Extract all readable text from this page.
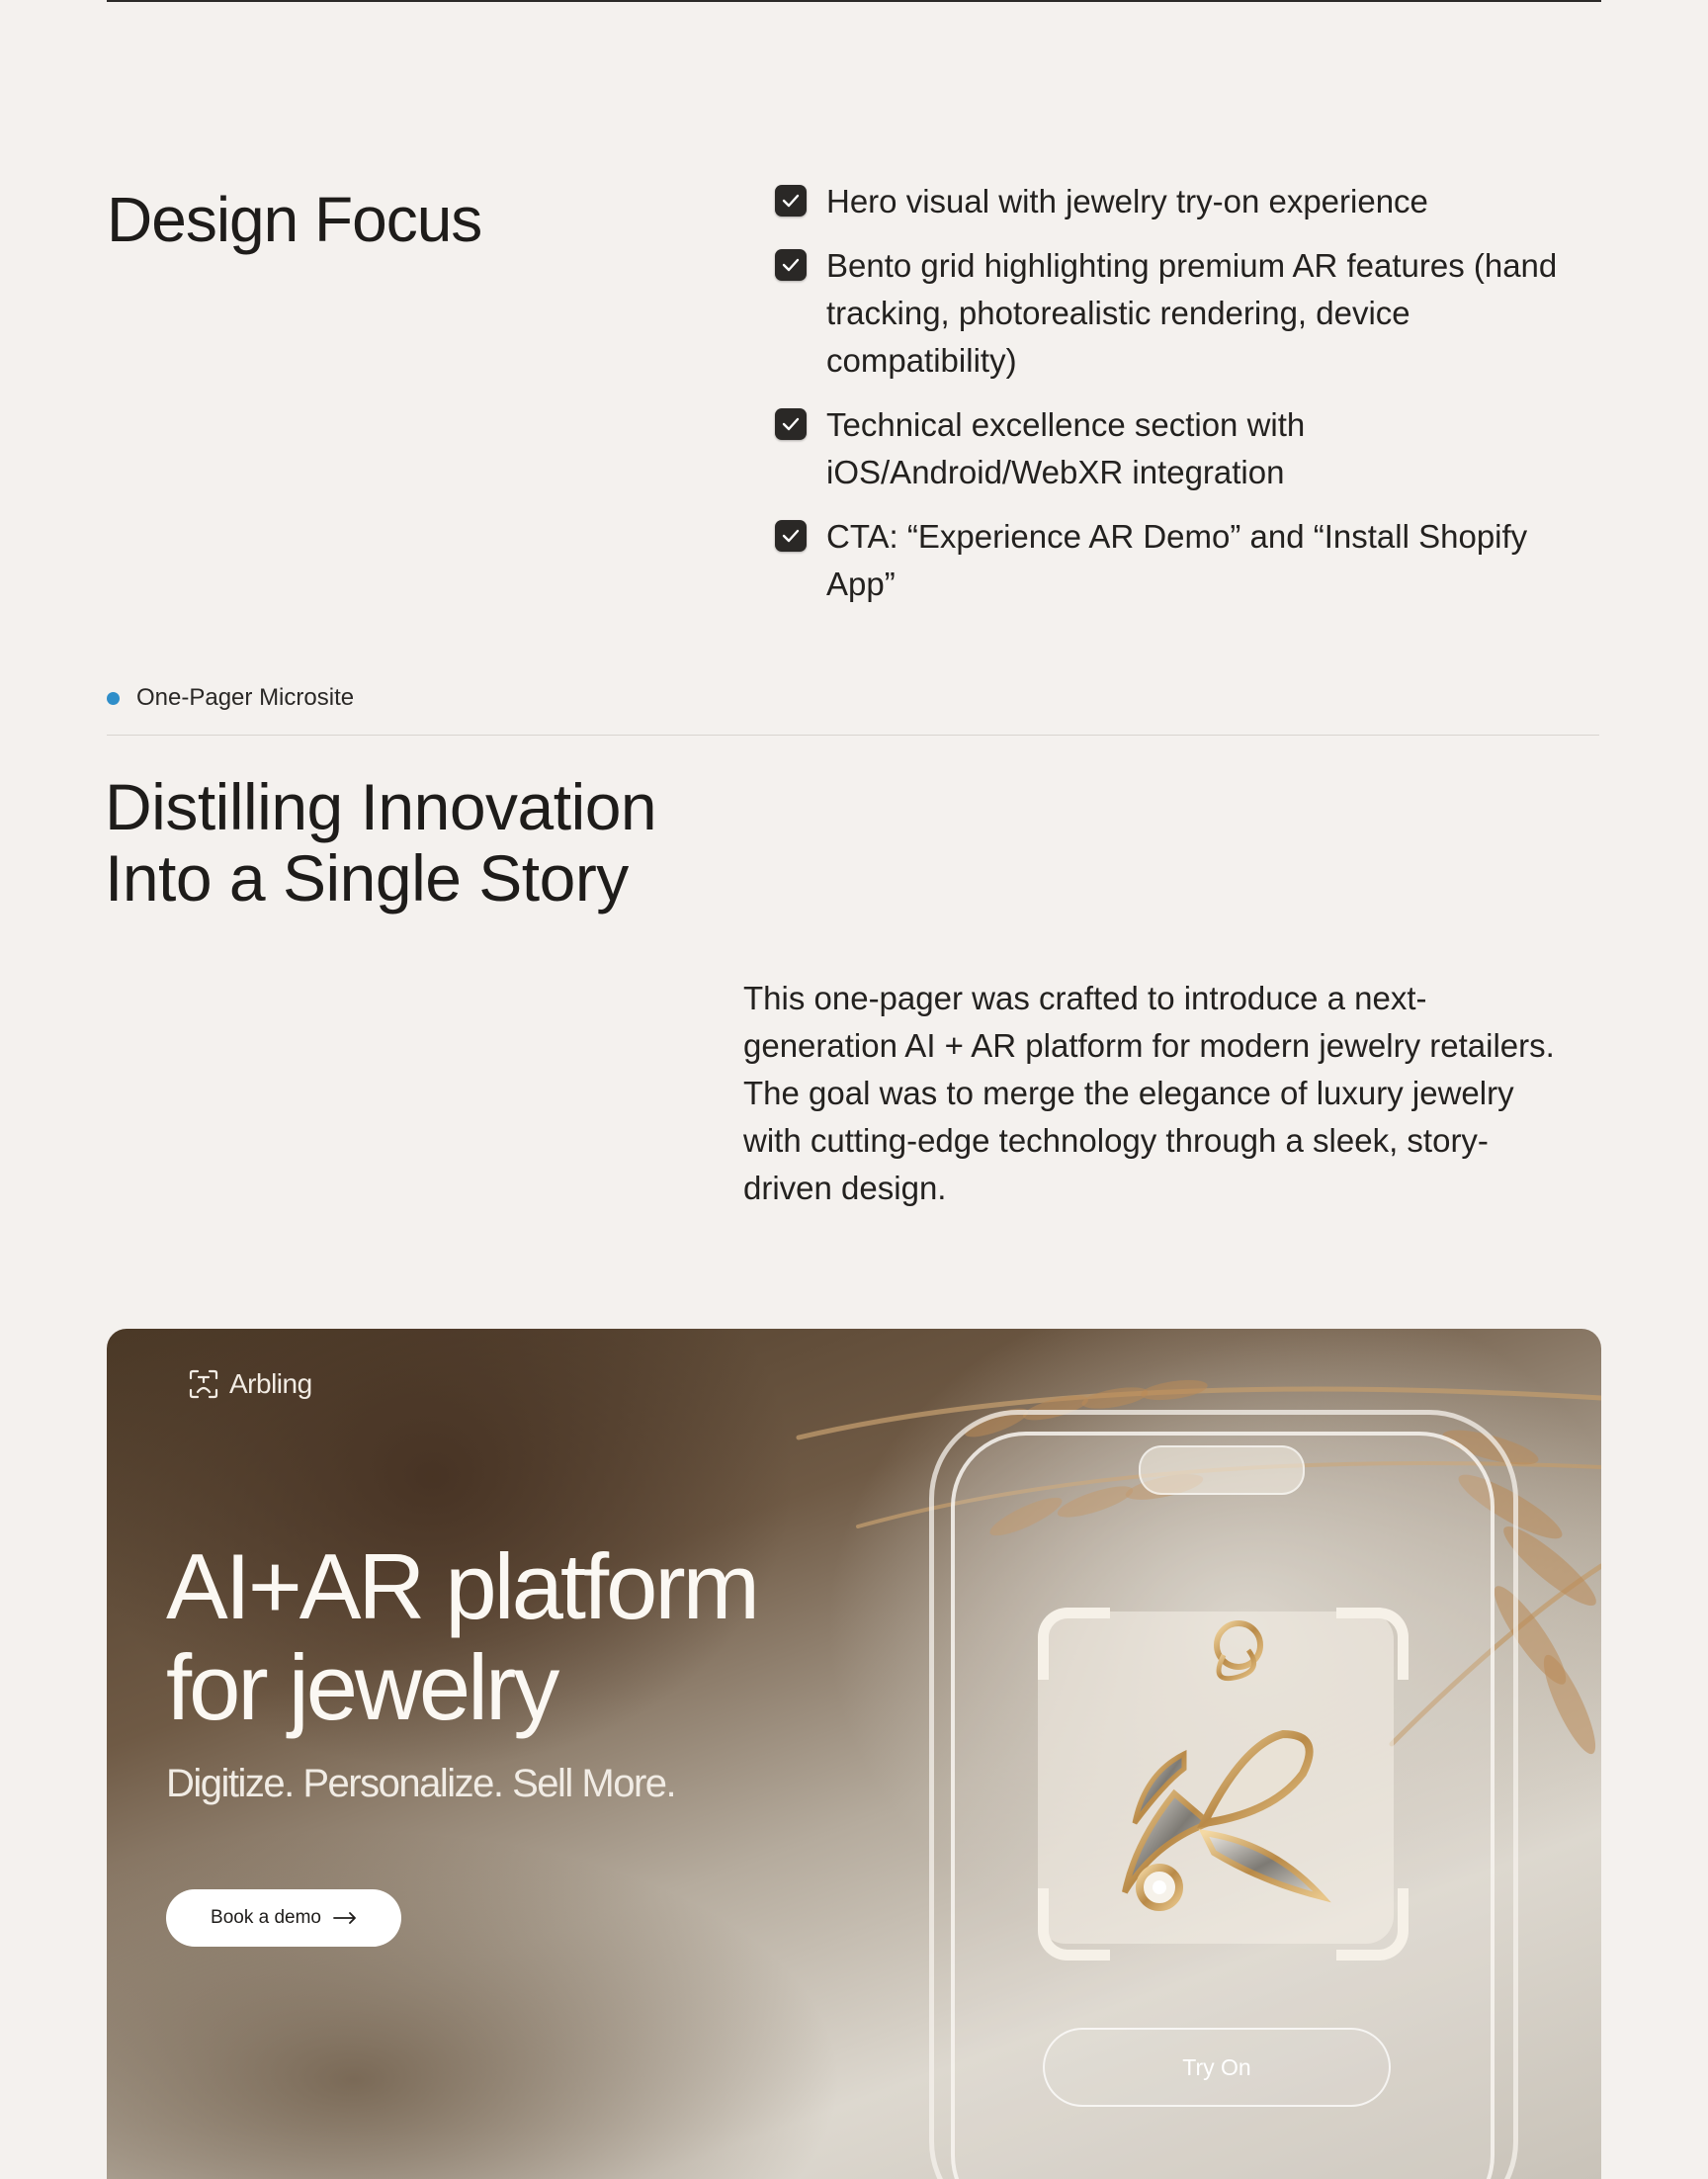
Design Focus	Hero visual with jewelry try-on experience
Bento grid highlighting premium AR features (hand tracking, photorealistic rendering, device compatibility)
Technical excellence section with iOS/Android/WebXR integration
CTA: “Experience AR Demo” and “Install Shopify App”
One-Pager Microsite
Distilling Innovation
Into a Single Story

This one-pager was crafted to introduce a next-generation AI + AR platform for modern jewelry retailers. The goal was to merge the elegance of luxury jewelry with cutting-edge technology through a sleek, story-driven design.

Arbling
AI+AR platform
for jewelry
Digitize. Personalize. Sell More.
Book a demo
Try On
